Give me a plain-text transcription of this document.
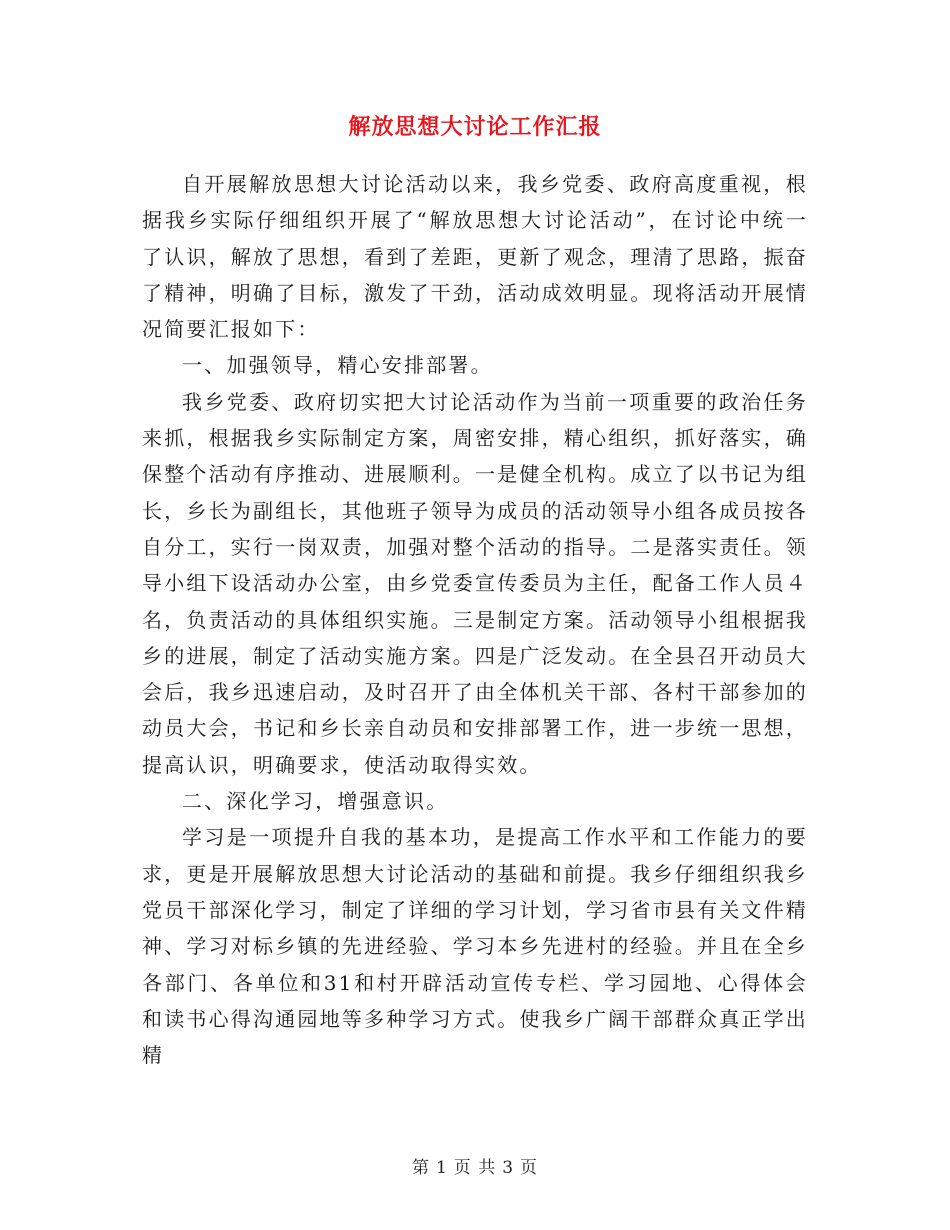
解放思想大讨论工作汇报

自开展解放思想大讨论活动以来，我乡党委、政府高度重视，根据我乡实际仔细组织开展了“解放思想大讨论活动”，在讨论中统一了认识，解放了思想，看到了差距，更新了观念，理清了思路，振奋了精神，明确了目标，激发了干劲，活动成效明显。现将活动开展情况简要汇报如下：

一、加强领导，精心安排部署。

我乡党委、政府切实把大讨论活动作为当前一项重要的政治任务来抓，根据我乡实际制定方案，周密安排，精心组织，抓好落实，确保整个活动有序推动、进展顺利。一是健全机构。成立了以书记为组长，乡长为副组长，其他班子领导为成员的活动领导小组各成员按各自分工，实行一岗双责，加强对整个活动的指导。二是落实责任。领导小组下设活动办公室，由乡党委宣传委员为主任，配备工作人员４名，负责活动的具体组织实施。三是制定方案。活动领导小组根据我乡的进展，制定了活动实施方案。四是广泛发动。在全县召开动员大会后，我乡迅速启动，及时召开了由全体机关干部、各村干部参加的动员大会，书记和乡长亲自动员和安排部署工作，进一步统一思想，提高认识，明确要求，使活动取得实效。

二、深化学习，增强意识。

学习是一项提升自我的基本功，是提高工作水平和工作能力的要求，更是开展解放思想大讨论活动的基础和前提。我乡仔细组织我乡党员干部深化学习，制定了详细的学习计划，学习省市县有关文件精神、学习对标乡镇的先进经验、学习本乡先进村的经验。并且在全乡各部门、各单位和31和村开辟活动宣传专栏、学习园地、心得体会和读书心得沟通园地等多种学习方式。使我乡广阔干部群众真正学出精

第 1 页 共 3 页
